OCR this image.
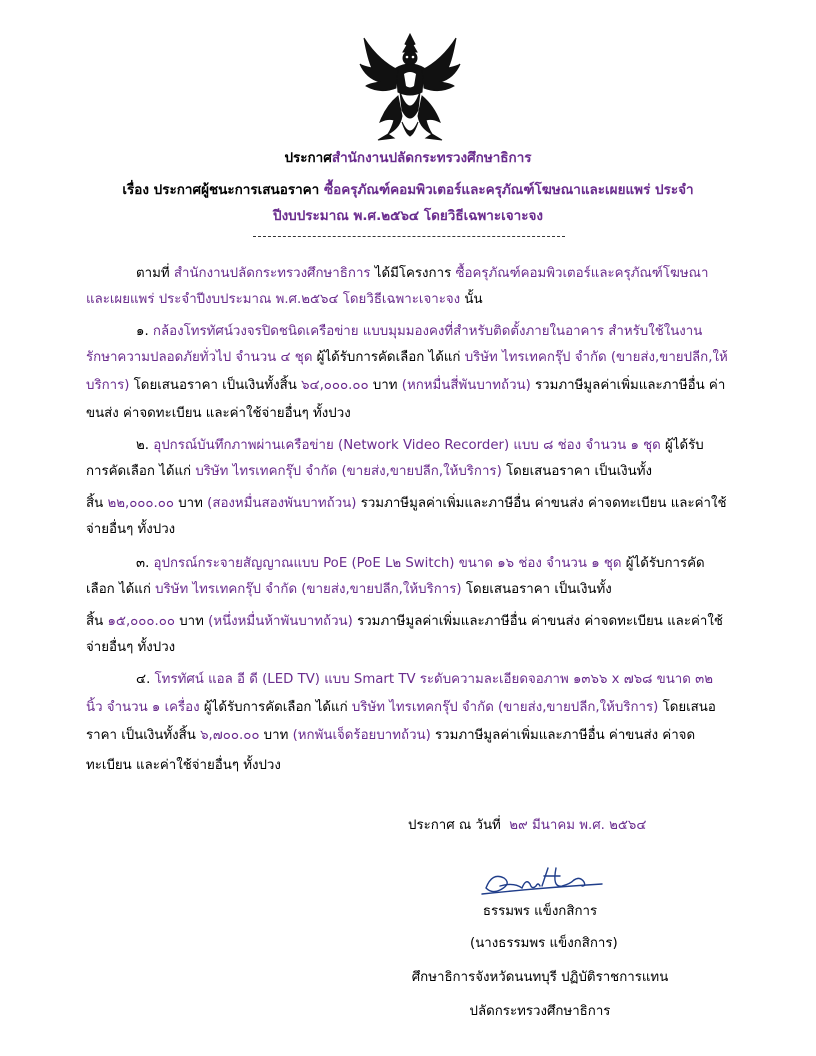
ประกาศสำนักงานปลัดกระทรวงศึกษาธิการ
เรื่อง ประกาศผู้ชนะการเสนอราคา ซื้อครุภัณฑ์คอมพิวเตอร์และครุภัณฑ์โฆษณาและเผยแพร่ ประจำ
ปีงบประมาณ พ.ศ.๒๕๖๔ โดยวิธีเฉพาะเจาะจง
ตามที่ สำนักงานปลัดกระทรวงศึกษาธิการ ได้มีโครงการ ซื้อครุภัณฑ์คอมพิวเตอร์และครุภัณฑ์โฆษณา
และเผยแพร่ ประจำปีงบประมาณ พ.ศ.๒๕๖๔ โดยวิธีเฉพาะเจาะจง นั้น
๑. กล้องโทรทัศน์วงจรปิดชนิดเครือข่าย แบบมุมมองคงที่สำหรับติดตั้งภายในอาคาร สำหรับใช้ในงาน
รักษาความปลอดภัยทั่วไป จำนวน ๔ ชุด ผู้ได้รับการคัดเลือก ได้แก่ บริษัท ไทรเทคกรุ๊ป จำกัด (ขายส่ง,ขายปลีก,ให้
บริการ) โดยเสนอราคา เป็นเงินทั้งสิ้น ๖๔,๐๐๐.๐๐ บาท (หกหมื่นสี่พันบาทถ้วน) รวมภาษีมูลค่าเพิ่มและภาษีอื่น ค่า
ขนส่ง ค่าจดทะเบียน และค่าใช้จ่ายอื่นๆ ทั้งปวง
๒. อุปกรณ์บันทึกภาพผ่านเครือข่าย (Network Video Recorder) แบบ ๘ ช่อง จำนวน ๑ ชุด ผู้ได้รับ
การคัดเลือก ได้แก่ บริษัท ไทรเทคกรุ๊ป จำกัด (ขายส่ง,ขายปลีก,ให้บริการ) โดยเสนอราคา เป็นเงินทั้ง
สิ้น ๒๒,๐๐๐.๐๐ บาท (สองหมื่นสองพันบาทถ้วน) รวมภาษีมูลค่าเพิ่มและภาษีอื่น ค่าขนส่ง ค่าจดทะเบียน และค่าใช้
จ่ายอื่นๆ ทั้งปวง
๓. อุปกรณ์กระจายสัญญาณแบบ PoE (PoE L๒ Switch) ขนาด ๑๖ ช่อง จำนวน ๑ ชุด ผู้ได้รับการคัด
เลือก ได้แก่ บริษัท ไทรเทคกรุ๊ป จำกัด (ขายส่ง,ขายปลีก,ให้บริการ) โดยเสนอราคา เป็นเงินทั้ง
สิ้น ๑๕,๐๐๐.๐๐ บาท (หนึ่งหมื่นห้าพันบาทถ้วน) รวมภาษีมูลค่าเพิ่มและภาษีอื่น ค่าขนส่ง ค่าจดทะเบียน และค่าใช้
จ่ายอื่นๆ ทั้งปวง
๔. โทรทัศน์ แอล อี ดี (LED TV) แบบ Smart TV ระดับความละเอียดจอภาพ ๑๓๖๖ x ๗๖๘ ขนาด ๓๒
นิ้ว จำนวน ๑ เครื่อง ผู้ได้รับการคัดเลือก ได้แก่ บริษัท ไทรเทคกรุ๊ป จำกัด (ขายส่ง,ขายปลีก,ให้บริการ) โดยเสนอ
ราคา เป็นเงินทั้งสิ้น ๖,๗๐๐.๐๐ บาท (หกพันเจ็ดร้อยบาทถ้วน) รวมภาษีมูลค่าเพิ่มและภาษีอื่น ค่าขนส่ง ค่าจด
ทะเบียน และค่าใช้จ่ายอื่นๆ ทั้งปวง
ประกาศ ณ วันที่ ๒๙ มีนาคม พ.ศ. ๒๕๖๔
ธรรมพร แข็งกสิการ
(นางธรรมพร แข็งกสิการ)
ศึกษาธิการจังหวัดนนทบุรี ปฏิบัติราชการแทน
ปลัดกระทรวงศึกษาธิการ
